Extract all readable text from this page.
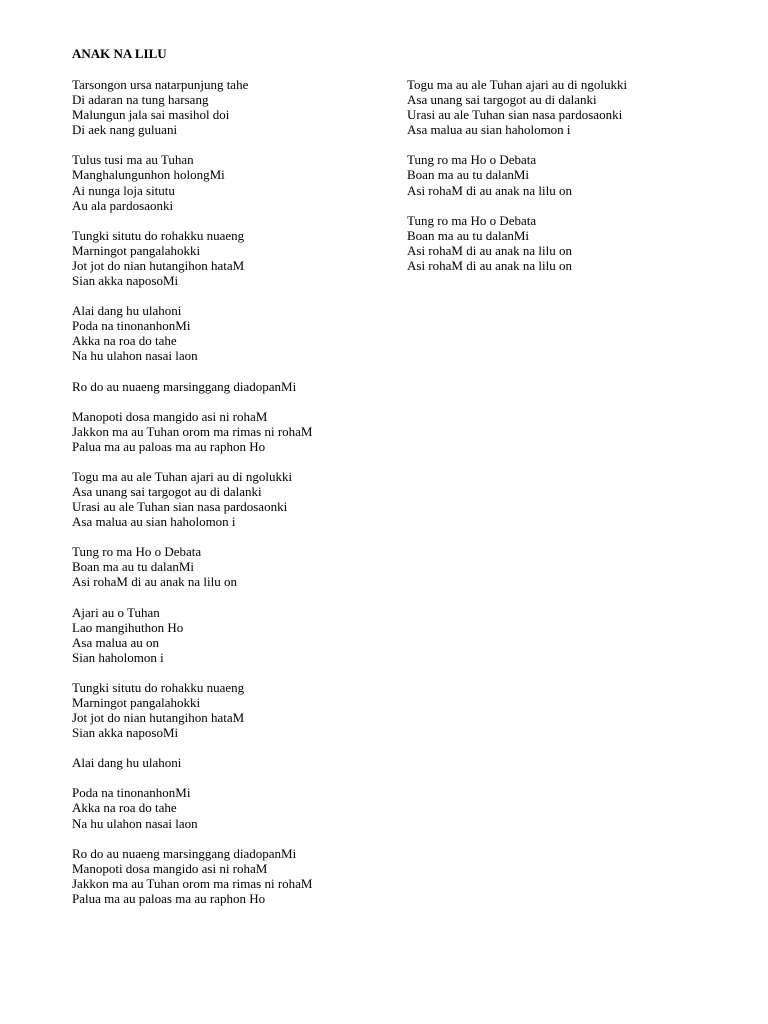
ANAK NA LILU
Tarsongon ursa natarpunjung tahe
Di adaran na tung harsang
Malungun jala sai masihol doi
Di aek nang guluani
Tulus tusi ma au Tuhan
Manghalungunhon holongMi
Ai nunga loja situtu
Au ala pardosaonki
Tungki situtu do rohakku nuaeng
Marningot pangalahokki
Jot jot do nian hutangihon hataM
Sian akka naposoMi
Alai dang hu ulahoni
Poda na tinonanhonMi
Akka na roa do tahe
Na hu ulahon nasai laon
Ro do au nuaeng marsinggang diadopanMi
Manopoti dosa mangido asi ni rohaM
Jakkon ma au Tuhan orom ma rimas ni rohaM
Palua ma au paloas ma au raphon Ho
Togu ma au ale Tuhan ajari au di ngolukki
Asa unang sai targogot au di dalanki
Urasi au ale Tuhan sian nasa pardosaonki
Asa malua au sian haholomon i
Tung ro ma Ho o Debata
Boan ma au tu dalanMi
Asi rohaM di au anak na lilu on
Ajari au o Tuhan
Lao mangihuthon Ho
Asa malua au on
Sian haholomon i
Tungki situtu do rohakku nuaeng
Marningot pangalahokki
Jot jot do nian hutangihon hataM
Sian akka naposoMi
Alai dang hu ulahoni
Poda na tinonanhonMi
Akka na roa do tahe
Na hu ulahon nasai laon
Ro do au nuaeng marsinggang diadopanMi
Manopoti dosa mangido asi ni rohaM
Jakkon ma au Tuhan orom ma rimas ni rohaM
Palua ma au paloas ma au raphon Ho
Togu ma au ale Tuhan ajari au di ngolukki
Asa unang sai targogot au di dalanki
Urasi au ale Tuhan sian nasa pardosaonki
Asa malua au sian haholomon i
Tung ro ma Ho o Debata
Boan ma au tu dalanMi
Asi rohaM di au anak na lilu on
Tung ro ma Ho o Debata
Boan ma au tu dalanMi
Asi rohaM di au anak na lilu on
Asi rohaM di au anak na lilu on
